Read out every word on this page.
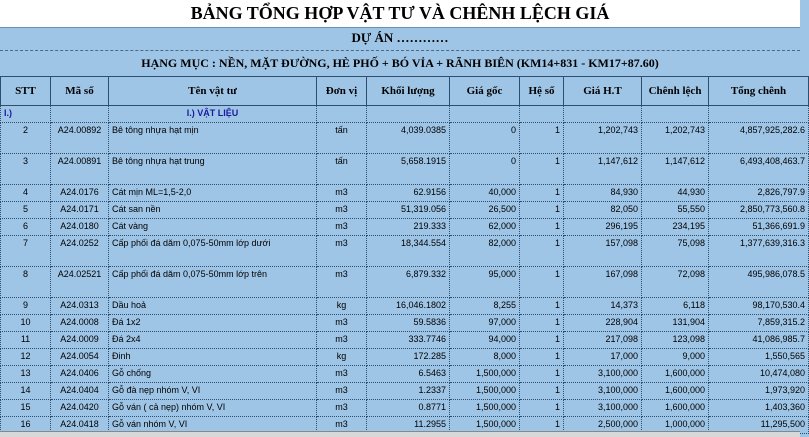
BẢNG TỔNG HỢP VẬT TƯ VÀ CHÊNH LỆCH GIÁ
DỰ ÁN …………
HẠNG MỤC : NỀN, MẶT ĐƯỜNG, HÈ PHỐ + BÓ VỈA + RÃNH BIÊN (KM14+831 - KM17+87.60)
STT	Mã số	Tên vật tư	Đơn vị	Khối lượng	Giá gốc	Hệ số	Giá H.T	Chênh lệch	Tổng chênh
I.)		I.) VẬT LIỆU							
2	A24.00892	Bê tông nhựa hạt mịn	tấn	4,039.0385	0	1	1,202,743	1,202,743	4,857,925,282.6
3	A24.00891	Bê tông nhựa hạt trung	tấn	5,658.1915	0	1	1,147,612	1,147,612	6,493,408,463.7
4	A24.0176	Cát mịn ML=1,5-2,0	m3	62.9156	40,000	1	84,930	44,930	2,826,797.9
5	A24.0171	Cát san nền	m3	51,319.056	26,500	1	82,050	55,550	2,850,773,560.8
6	A24.0180	Cát vàng	m3	219.333	62,000	1	296,195	234,195	51,366,691.9
7	A24.0252	Cấp phối đá dăm 0,075-50mm lớp dưới	m3	18,344.554	82,000	1	157,098	75,098	1,377,639,316.3
8	A24.02521	Cấp phối đá dăm 0,075-50mm lớp trên	m3	6,879.332	95,000	1	167,098	72,098	495,986,078.5
9	A24.0313	Dầu hoả	kg	16,046.1802	8,255	1	14,373	6,118	98,170,530.4
10	A24.0008	Đá 1x2	m3	59.5836	97,000	1	228,904	131,904	7,859,315.2
11	A24.0009	Đá 2x4	m3	333.7746	94,000	1	217,098	123,098	41,086,985.7
12	A24.0054	Đinh	kg	172.285	8,000	1	17,000	9,000	1,550,565
13	A24.0406	Gỗ chống	m3	6.5463	1,500,000	1	3,100,000	1,600,000	10,474,080
14	A24.0404	Gỗ đà nẹp nhóm V, VI	m3	1.2337	1,500,000	1	3,100,000	1,600,000	1,973,920
15	A24.0420	Gỗ ván ( cả nẹp) nhóm V, VI	m3	0.8771	1,500,000	1	3,100,000	1,600,000	1,403,360
16	A24.0418	Gỗ ván nhóm V, VI	m3	11.2955	1,500,000	1	2,500,000	1,000,000	11,295,500
